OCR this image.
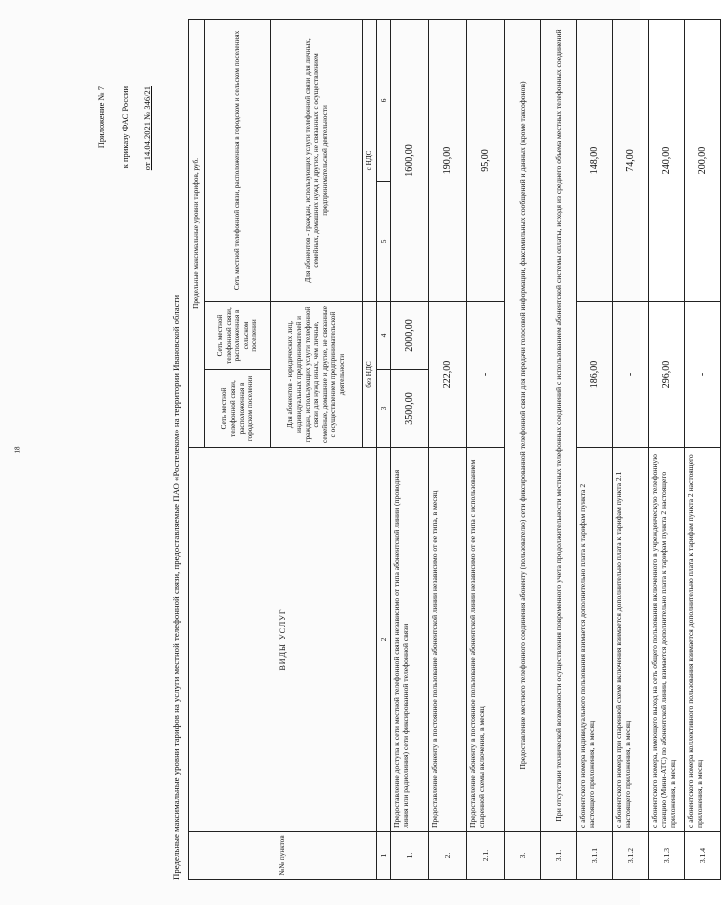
18
Приложение № 7 к приказу ФАС России от 14.04.2021 № 346/21
Предельные максимальные уровни тарифов на услуги местной телефонной связи, предоставляемые ПАО «Ростелеком» на территории Ивановской области	№№ пунктов	ВИДЫ УСЛУГ	Предельные максимальные уровни тарифов, руб.			
		Сеть местной телефонной связи, расположенная в городском поселении	Сеть местной телефонной связи, расположенная в сельском поселении	Сеть местной телефонной связи, расположенная в городском и сельском поселениях	
		Для абонентов - юридических лиц, индивидуальных предпринимателей и граждан, использующих услуги телефонной связи для нужд иных, чем личные, семейные, домашние и другие, не связанные с осуществлением предпринимательской деятельности		Для абонентов - граждан, использующих услуги телефонной связи для личных, семейных, домашних нужд и других, не связанных с осуществлением предпринимательской деятельности	
		без НДС		с НДС	
1	2	3	4	5	6
1.	Предоставление доступа к сети местной телефонной связи независимо от типа абонентской линии (проводная линия или радиолиния) сети фиксированной телефонной связи	3500,00	2000,00	1600,00	
2.	Предоставление абоненту в постоянное пользование абонентской линии независимо от ее типа, в месяц	222,00		190,00	
2.1.	Предоставление абоненту в постоянное пользование абонентской линии независимо от ее типа с использованием спаренной схемы включения, в месяц	-		95,00	
3.	Предоставление местного телефонного соединения абоненту (пользователю) сети фиксированной телефонной связи для передачи голосовой информации, факсимильных сообщений и данных (кроме таксофонов)				
3.1.	При отсутствии технической возможности осуществления повременного учета продолжительности местных телефонных соединений с использованием абонентской системы оплаты, исходя из среднего объема местных телефонных соединений				
3.1.1	с абонентского номера индивидуального пользования взимается дополнительно плата к тарифам пункта 2 настоящего приложения, в месяц	186,00		148,00	
3.1.2	с абонентского номера при спаренной схеме включения взимается дополнительно плата к тарифам пункта 2.1 настоящего приложения, в месяц	-		74,00	
3.1.3	с абонентского номера, имеющего выход на сеть общего пользования включенного в учрежденческую телефонную станцию (Мини-АТС) по абонентской линии, взимается дополнительно плата к тарифам пункта 2 настоящего приложения, в месяц	296,00		240,00	
3.1.4	с абонентского номера коллективного пользования взимается дополнительно плата к тарифам пункта 2 настоящего приложения, в месяц	-		200,00	
